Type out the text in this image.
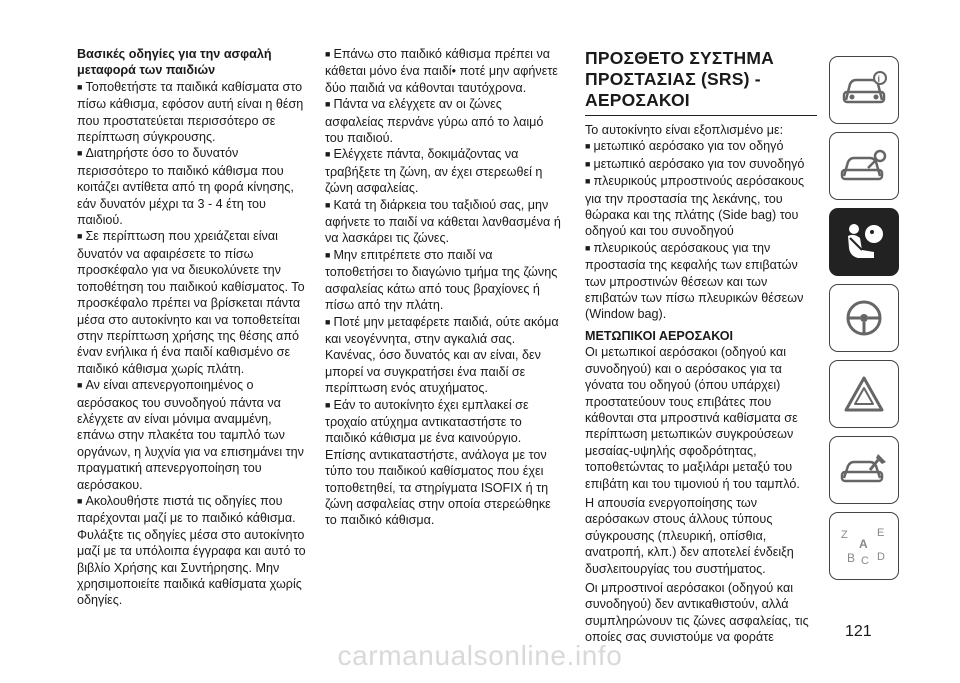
Βασικές οδηγίες για την ασφαλή μεταφορά των παιδιών

■ Τοποθετήστε τα παιδικά καθίσματα στο πίσω κάθισμα, εφόσον αυτή είναι η θέση που προστατεύεται περισσότερο σε περίπτωση σύγκρουσης.

■ Διατηρήστε όσο το δυνατόν περισσότερο το παιδικό κάθισμα που κοιτάζει αντίθετα από τη φορά κίνησης, εάν δυνατόν μέχρι τα 3 - 4 έτη του παιδιού.

■ Σε περίπτωση που χρειάζεται είναι δυνατόν να αφαιρέσετε το πίσω προσκέφαλο για να διευκολύνετε την τοποθέτηση του παιδικού καθίσματος. Το προσκέφαλο πρέπει να βρίσκεται πάντα μέσα στο αυτοκίνητο και να τοποθετείται στην περίπτωση χρήσης της θέσης από έναν ενήλικα ή ένα παιδί καθισμένο σε παιδικό κάθισμα χωρίς πλάτη.

■ Αν είναι απενεργοποιημένος ο αερόσακος του συνοδηγού πάντα να ελέγχετε αν είναι μόνιμα αναμμένη, επάνω στην πλακέτα του ταμπλό των οργάνων, η λυχνία για να επισημάνει την πραγματική απενεργοποίηση του αερόσακου.

■ Ακολουθήστε πιστά τις οδηγίες που παρέχονται μαζί με το παιδικό κάθισμα. Φυλάξτε τις οδηγίες μέσα στο αυτοκίνητο μαζί με τα υπόλοιπα έγγραφα και αυτό το βιβλίο Χρήσης και Συντήρησης. Μην χρησιμοποιείτε παιδικά καθίσματα χωρίς οδηγίες.

■ Επάνω στο παιδικό κάθισμα πρέπει να κάθεται μόνο ένα παιδί• ποτέ μην αφήνετε δύο παιδιά να κάθονται ταυτόχρονα.

■ Πάντα να ελέγχετε αν οι ζώνες ασφαλείας περνάνε γύρω από το λαιμό του παιδιού.

■ Ελέγχετε πάντα, δοκιμάζοντας να τραβήξετε τη ζώνη, αν έχει στερεωθεί η ζώνη ασφαλείας.

■ Κατά τη διάρκεια του ταξιδιού σας, μην αφήνετε το παιδί να κάθεται λανθασμένα ή να λασκάρει τις ζώνες.

■ Μην επιτρέπετε στο παιδί να τοποθετήσει το διαγώνιο τμήμα της ζώνης ασφαλείας κάτω από τους βραχίονες ή πίσω από την πλάτη.

■ Ποτέ μην μεταφέρετε παιδιά, ούτε ακόμα και νεογέννητα, στην αγκαλιά σας. Κανένας, όσο δυνατός και αν είναι, δεν μπορεί να συγκρατήσει ένα παιδί σε περίπτωση ενός ατυχήματος.

■ Εάν το αυτοκίνητο έχει εμπλακεί σε τροχαίο ατύχημα αντικαταστήστε το παιδικό κάθισμα με ένα καινούργιο. Επίσης αντικαταστήστε, ανάλογα με τον τύπο του παιδικού καθίσματος που έχει τοποθετηθεί, τα στηρίγματα ISOFIX ή τη ζώνη ασφαλείας στην οποία στερεώθηκε το παιδικό κάθισμα.

ΠΡΟΣΘΕΤΟ ΣΥΣΤΗΜΑ ΠΡΟΣΤΑΣΙΑΣ (SRS) - ΑΕΡΟΣΑΚΟΙ

Το αυτοκίνητο είναι εξοπλισμένο με:

■ μετωπικό αερόσακο για τον οδηγό

■ μετωπικό αερόσακο για τον συνοδηγό

■ πλευρικούς μπροστινούς αερόσακους για την προστασία της λεκάνης, του θώρακα και της πλάτης (Side bag) του οδηγού και του συνοδηγού

■ πλευρικούς αερόσακους για την προστασία της κεφαλής των επιβατών των μπροστινών θέσεων και των επιβατών των πίσω πλευρικών θέσεων (Window bag).

ΜΕΤΩΠΙΚΟΙ ΑΕΡΟΣΑΚΟΙ

Οι μετωπικοί αερόσακοι (οδηγού και συνοδηγού) και ο αερόσακος για τα γόνατα του οδηγού (όπου υπάρχει) προστατεύουν τους επιβάτες που κάθονται στα μπροστινά καθίσματα σε περίπτωση μετωπικών συγκρούσεων μεσαίας-υψηλής σφοδρότητας, τοποθετώντας το μαξιλάρι μεταξύ του επιβάτη και του τιμονιού ή του ταμπλό.

Η απουσία ενεργοποίησης των αερόσακων στους άλλους τύπους σύγκρουσης (πλευρική, οπίσθια, ανατροπή, κλπ.) δεν αποτελεί ένδειξη δυσλειτουργίας του συστήματος.

Οι μπροστινοί αερόσακοι (οδηγού και συνοδηγού) δεν αντικαθιστούν, αλλά συμπληρώνουν τις ζώνες ασφαλείας, τις οποίες σας συνιστούμε να φοράτε

i
Z	E
A
B C D
121
carmanualsonline.info
